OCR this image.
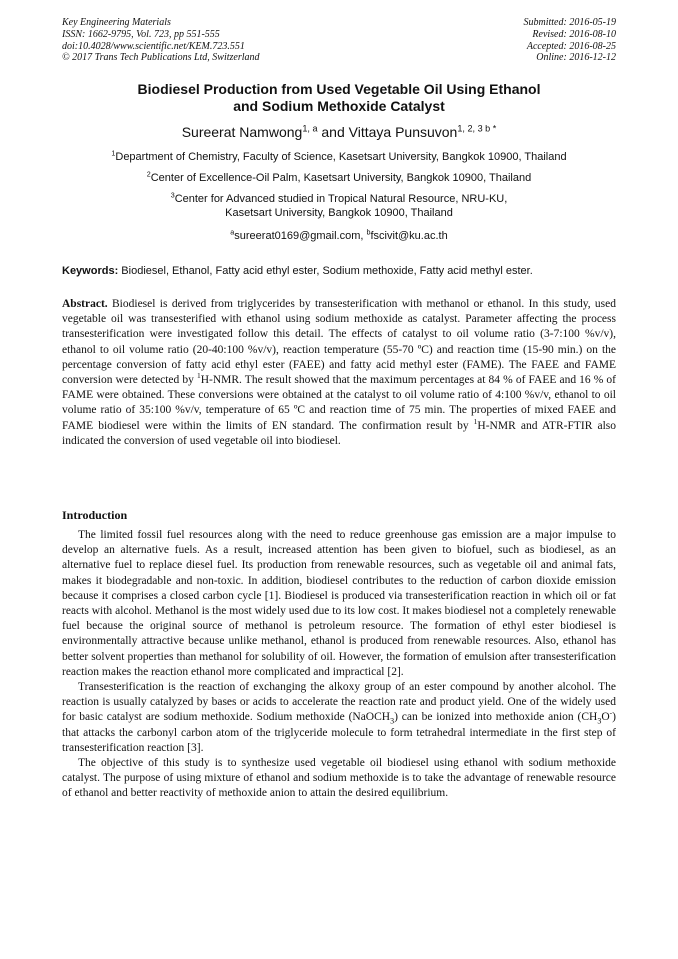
Key Engineering Materials
ISSN: 1662-9795, Vol. 723, pp 551-555
doi:10.4028/www.scientific.net/KEM.723.551
© 2017 Trans Tech Publications Ltd, Switzerland
Submitted: 2016-05-19
Revised: 2016-08-10
Accepted: 2016-08-25
Online: 2016-12-12
Biodiesel Production from Used Vegetable Oil Using Ethanol
and Sodium Methoxide Catalyst
Sureerat Namwong$^{1, a}$ and Vittaya Punsuvon$^{1, 2, 3 b *}$
$^1$Department of Chemistry, Faculty of Science, Kasetsart University, Bangkok 10900, Thailand
$^2$Center of Excellence-Oil Palm, Kasetsart University, Bangkok 10900, Thailand
$^3$Center for Advanced studied in Tropical Natural Resource, NRU-KU,
Kasetsart University, Bangkok 10900, Thailand
$^a$sureerat0169@gmail.com, $^b$fscivit@ku.ac.th
Keywords: Biodiesel, Ethanol, Fatty acid ethyl ester, Sodium methoxide, Fatty acid methyl ester.
Abstract. Biodiesel is derived from triglycerides by transesterification with methanol or ethanol. In this study, used vegetable oil was transesterified with ethanol using sodium methoxide as catalyst. Parameter affecting the process transesterification were investigated follow this detail. The effects of catalyst to oil volume ratio (3-7:100 %v/v), ethanol to oil volume ratio (20-40:100 %v/v), reaction temperature (55-70 ºC) and reaction time (15-90 min.) on the percentage conversion of fatty acid ethyl ester (FAEE) and fatty acid methyl ester (FAME). The FAEE and FAME conversion were detected by $^1$H-NMR. The result showed that the maximum percentages at 84 % of FAEE and 16 % of FAME were obtained. These conversions were obtained at the catalyst to oil volume ratio of 4:100 %v/v, ethanol to oil volume ratio of 35:100 %v/v, temperature of 65 ºC and reaction time of 75 min. The properties of mixed FAEE and FAME biodiesel were within the limits of EN standard. The confirmation result by $^1$H-NMR and ATR-FTIR also indicated the conversion of used vegetable oil into biodiesel.
Introduction

The limited fossil fuel resources along with the need to reduce greenhouse gas emission are a major impulse to develop an alternative fuels. As a result, increased attention has been given to biofuel, such as biodiesel, as an alternative fuel to replace diesel fuel. Its production from renewable resources, such as vegetable oil and animal fats, makes it biodegradable and non-toxic. In addition, biodiesel contributes to the reduction of carbon dioxide emission because it comprises a closed carbon cycle [1]. Biodiesel is produced via transesterification reaction in which oil or fat reacts with alcohol. Methanol is the most widely used due to its low cost. It makes biodiesel not a completely renewable fuel because the original source of methanol is petroleum resource. The formation of ethyl ester biodiesel is environmentally attractive because unlike methanol, ethanol is produced from renewable resources. Also, ethanol has better solvent properties than methanol for solubility of oil. However, the formation of emulsion after transesterification reaction makes the reaction ethanol more complicated and impractical [2].

Transesterification is the reaction of exchanging the alkoxy group of an ester compound by another alcohol. The reaction is usually catalyzed by bases or acids to accelerate the reaction rate and product yield. One of the widely used for basic catalyst are sodium methoxide. Sodium methoxide (NaOCH$_3$) can be ionized into methoxide anion $(CH_3O^-)$ that attacks the carbonyl carbon atom of the triglyceride molecule to form tetrahedral intermediate in the first step of transesterification reaction [3].

The objective of this study is to synthesize used vegetable oil biodiesel using ethanol with sodium methoxide catalyst. The purpose of using mixture of ethanol and sodium methoxide is to take the advantage of renewable resource of ethanol and better reactivity of methoxide anion to attain the desired equilibrium.
